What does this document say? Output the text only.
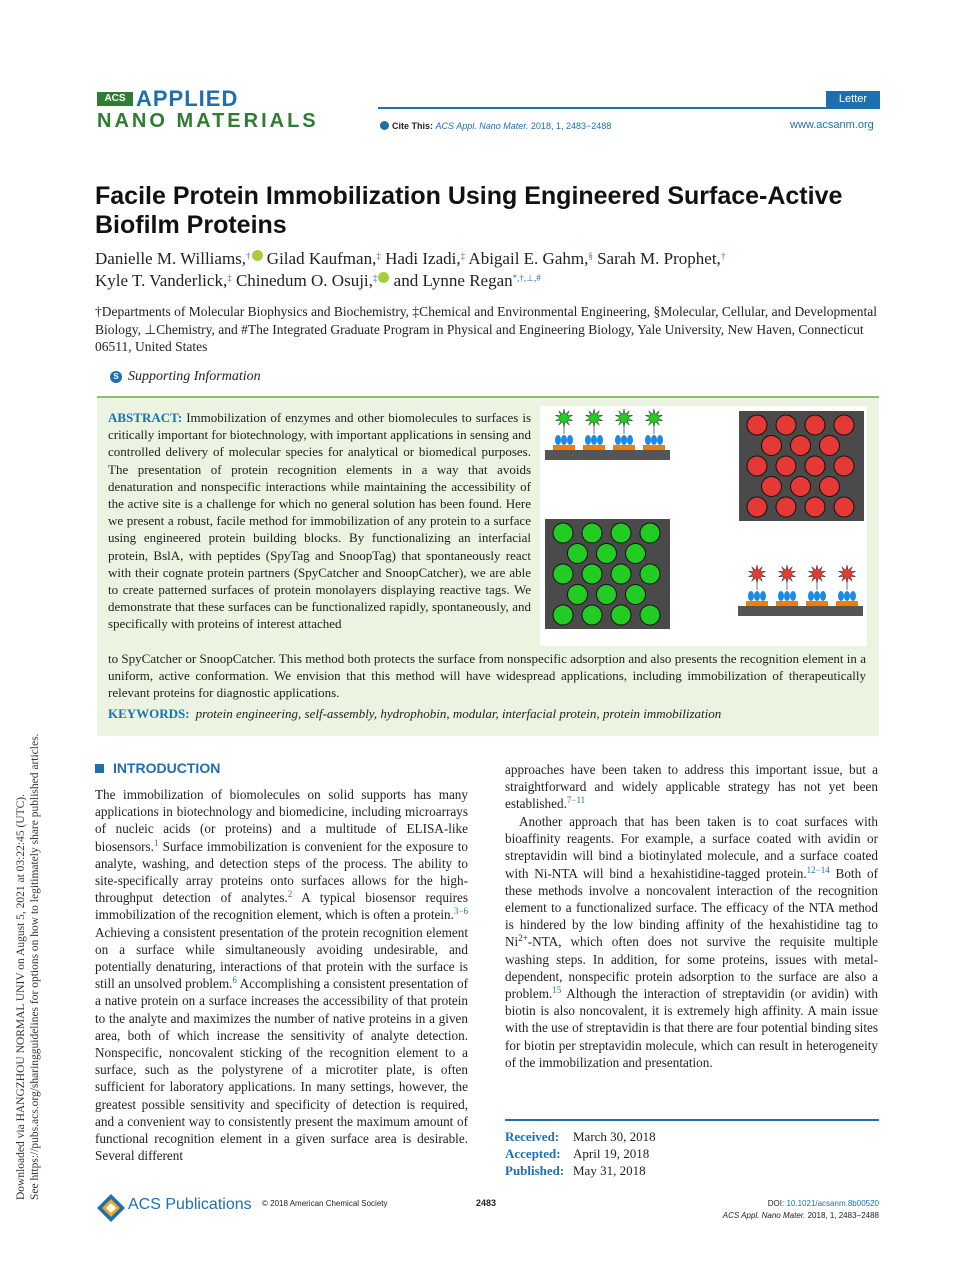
ACS APPLIED
NANO MATERIALS
Letter
Cite This: ACS Appl. Nano Mater. 2018, 1, 2483−2488	www.acsanm.org
Facile Protein Immobilization Using Engineered Surface-Active Biofilm Proteins
Danielle M. Williams,† Gilad Kaufman,‡ Hadi Izadi,‡ Abigail E. Gahm,§ Sarah M. Prophet,†
Kyle T. Vanderlick,‡ Chinedum O. Osuji,‡ and Lynne Regan*,†,⊥,#
†Departments of Molecular Biophysics and Biochemistry, ‡Chemical and Environmental Engineering, §Molecular, Cellular, and Developmental Biology, ⊥Chemistry, and #The Integrated Graduate Program in Physical and Engineering Biology, Yale University, New Haven, Connecticut 06511, United States
S Supporting Information
ABSTRACT: Immobilization of enzymes and other biomolecules to surfaces is critically important for biotechnology, with important applications in sensing and controlled delivery of molecular species for analytical or biomedical purposes. The presentation of protein recognition elements in a way that avoids denaturation and nonspecific interactions while maintaining the accessibility of the active site is a challenge for which no general solution has been found. Here we present a robust, facile method for immobilization of any protein to a surface using engineered protein building blocks. By functionalizing an interfacial protein, BslA, with peptides (SpyTag and SnoopTag) that spontaneously react with their cognate protein partners (SpyCatcher and SnoopCatcher), we are able to create patterned surfaces of protein monolayers displaying reactive tags. We demonstrate that these surfaces can be functionalized rapidly, spontaneously, and specifically with proteins of interest attached
to SpyCatcher or SnoopCatcher. This method both protects the surface from nonspecific adsorption and also presents the recognition element in a uniform, active conformation. We envision that this method will have widespread applications, including immobilization of therapeutically relevant proteins for diagnostic applications.
KEYWORDS: protein engineering, self-assembly, hydrophobin, modular, interfacial protein, protein immobilization
INTRODUCTION
The immobilization of biomolecules on solid supports has many applications in biotechnology and biomedicine, including microarrays of nucleic acids (or proteins) and a multitude of ELISA-like biosensors.$^1$ Surface immobilization is convenient for the exposure to analyte, washing, and detection steps of the process. The ability to site-specifically array proteins onto surfaces allows for the high-throughput detection of analytes.$^2$ A typical biosensor requires immobilization of the recognition element, which is often a protein.$^{3-6}$ Achieving a consistent presentation of the protein recognition element on a surface while simultaneously avoiding undesirable, and potentially denaturing, interactions of that protein with the surface is still an unsolved problem.$^6$ Accomplishing a consistent presentation of a native protein on a surface increases the accessibility of that protein to the analyte and maximizes the number of native proteins in a given area, both of which increase the sensitivity of analyte detection. Nonspecific, noncovalent sticking of the recognition element to a surface, such as the polystyrene of a microtiter plate, is often sufficient for laboratory applications. In many settings, however, the greatest possible sensitivity and specificity of detection is required, and a convenient way to consistently present the maximum amount of functional recognition element in a given surface area is desirable. Several different
approaches have been taken to address this important issue, but a straightforward and widely applicable strategy has not yet been established.$^{7-11}$
Another approach that has been taken is to coat surfaces with bioaffinity reagents. For example, a surface coated with avidin or streptavidin will bind a biotinylated molecule, and a surface coated with Ni-NTA will bind a hexahistidine-tagged protein.$^{12-14}$ Both of these methods involve a noncovalent interaction of the recognition element to a functionalized surface. The efficacy of the NTA method is hindered by the low binding affinity of the hexahistidine tag to $Ni^{2+}$-NTA, which often does not survive the requisite multiple washing steps. In addition, for some proteins, issues with metal-dependent, nonspecific protein adsorption to the surface are also a problem.$^{15}$ Although the interaction of streptavidin (or avidin) with biotin is also noncovalent, it is extremely high affinity. A main issue with the use of streptavidin is that there are four potential binding sites for biotin per streptavidin molecule, which can result in heterogeneity of the immobilization and presentation.
Received: March 30, 2018
Accepted: April 19, 2018
Published: May 31, 2018
Downloaded via HANGZHOU NORMAL UNIV on August 5, 2021 at 03:22:45 (UTC). See https://pubs.acs.org/sharingguidelines for options on how to legitimately share published articles.
ACS Publications © 2018 American Chemical Society	2483	DOI: 10.1021/acsanm.8b00520
ACS Appl. Nano Mater. 2018, 1, 2483−2488
